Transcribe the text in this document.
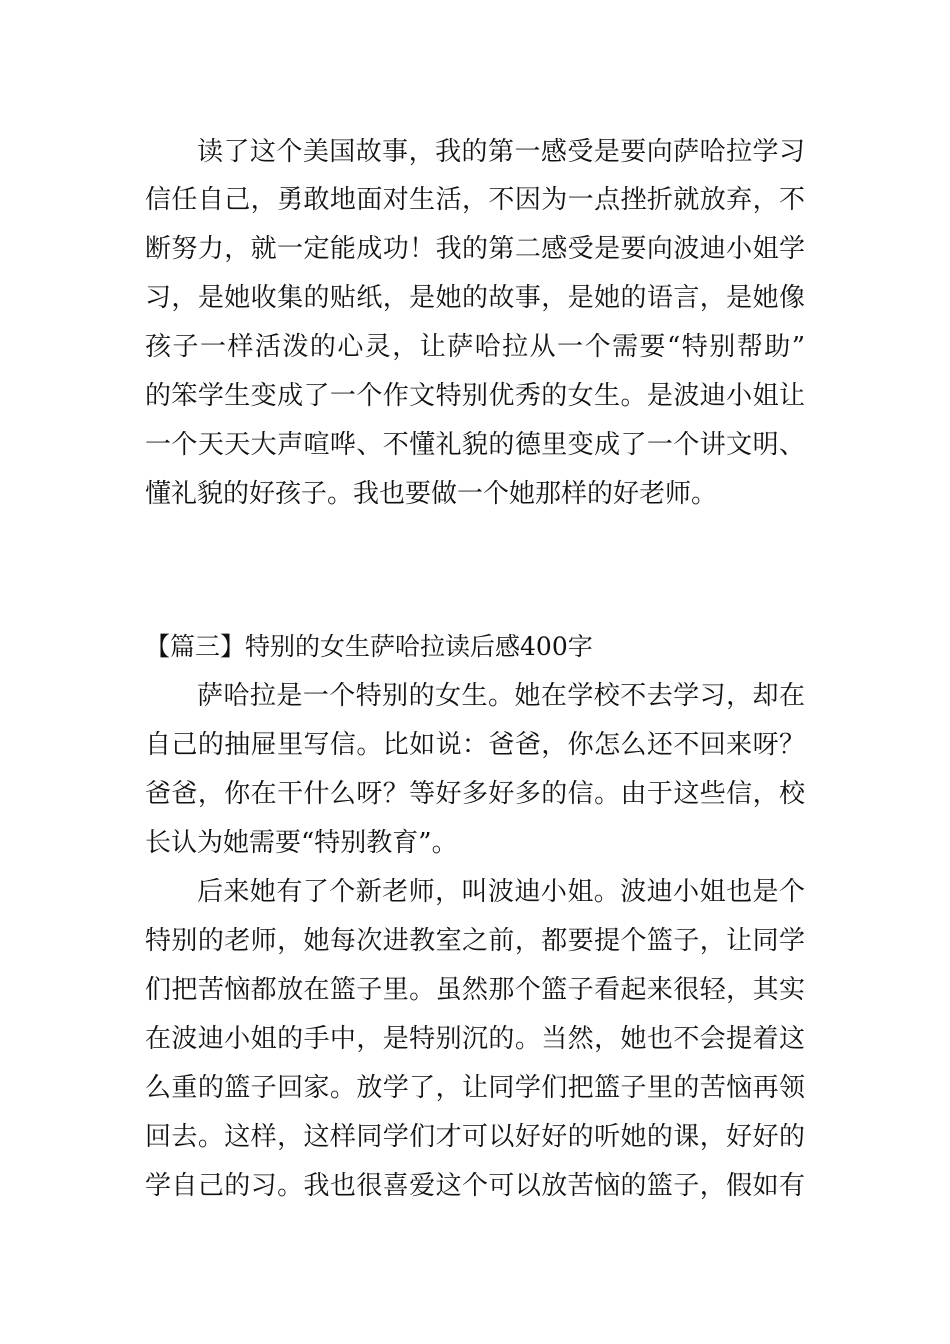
读了这个美国故事，我的第一感受是要向萨哈拉学习
信任自己，勇敢地面对生活，不因为一点挫折就放弃，不
断努力，就一定能成功！我的第二感受是要向波迪小姐学
习，是她收集的贴纸，是她的故事，是她的语言，是她像
孩子一样活泼的心灵，让萨哈拉从一个需要“特别帮助”
的笨学生变成了一个作文特别优秀的女生。是波迪小姐让
一个天天大声喧哗、不懂礼貌的德里变成了一个讲文明、
懂礼貌的好孩子。我也要做一个她那样的好老师。
【篇三】特别的女生萨哈拉读后感400字
萨哈拉是一个特别的女生。她在学校不去学习，却在
自己的抽屉里写信。比如说：爸爸，你怎么还不回来呀？
爸爸，你在干什么呀？等好多好多的信。由于这些信，校
长认为她需要“特别教育”。
后来她有了个新老师，叫波迪小姐。波迪小姐也是个
特别的老师，她每次进教室之前，都要提个篮子，让同学
们把苦恼都放在篮子里。虽然那个篮子看起来很轻，其实
在波迪小姐的手中，是特别沉的。当然，她也不会提着这
么重的篮子回家。放学了，让同学们把篮子里的苦恼再领
回去。这样，这样同学们才可以好好的听她的课，好好的
学自己的习。我也很喜爱这个可以放苦恼的篮子，假如有
